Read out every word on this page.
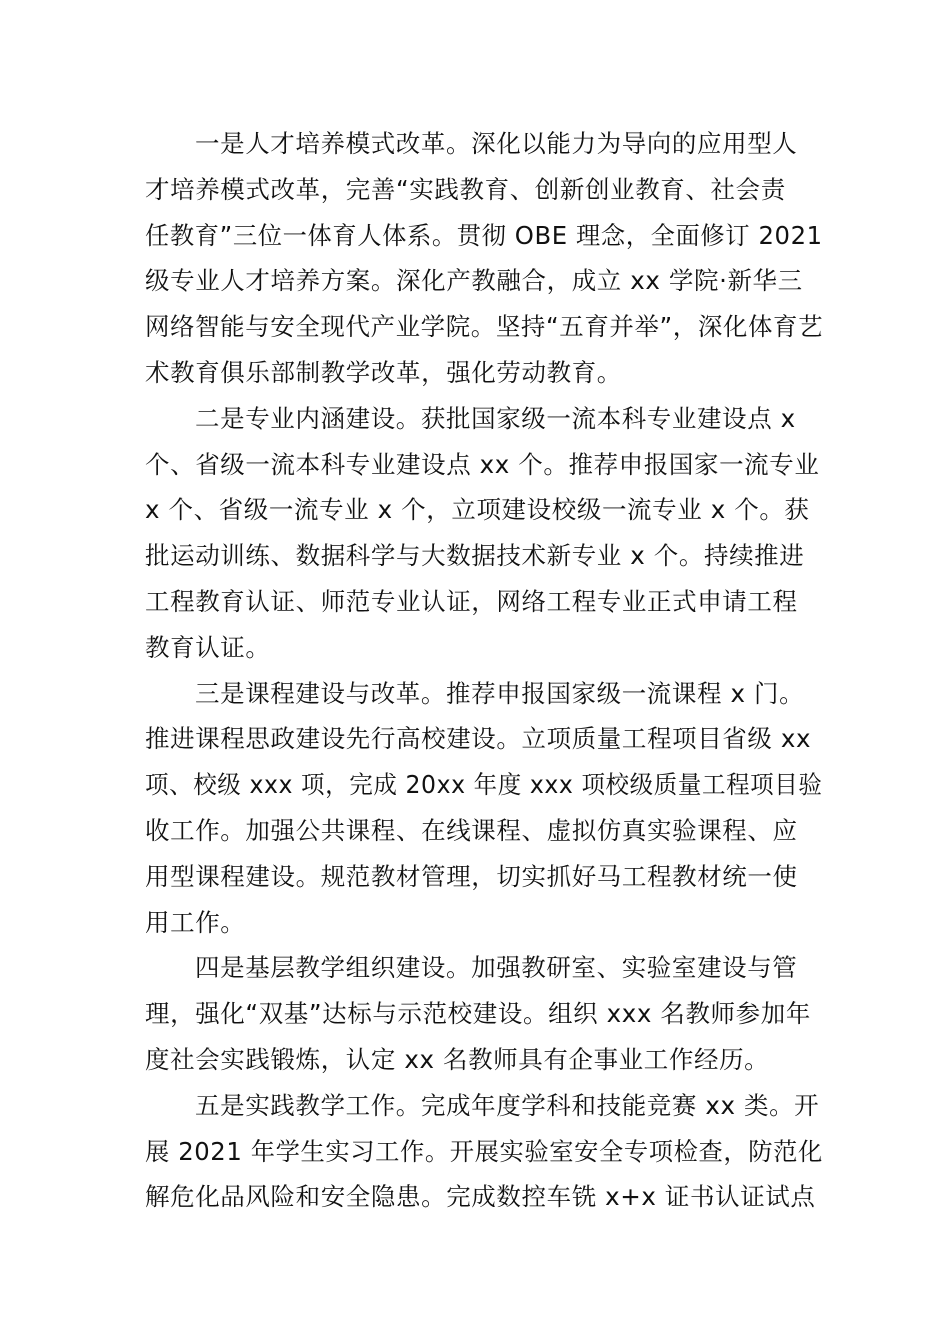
一是人才培养模式改革。深化以能力为导向的应用型人
才培养模式改革，完善“实践教育、创新创业教育、社会责
任教育”三位一体育人体系。贯彻 OBE 理念，全面修订 2021
级专业人才培养方案。深化产教融合，成立 xx 学院·新华三
网络智能与安全现代产业学院。坚持“五育并举”，深化体育艺
术教育俱乐部制教学改革，强化劳动教育。
二是专业内涵建设。获批国家级一流本科专业建设点 x
个、省级一流本科专业建设点 xx 个。推荐申报国家一流专业
x 个、省级一流专业 x 个，立项建设校级一流专业 x 个。获
批运动训练、数据科学与大数据技术新专业 x 个。持续推进
工程教育认证、师范专业认证，网络工程专业正式申请工程
教育认证。
三是课程建设与改革。推荐申报国家级一流课程 x 门。
推进课程思政建设先行高校建设。立项质量工程项目省级 xx
项、校级 xxx 项，完成 20xx 年度 xxx 项校级质量工程项目验
收工作。加强公共课程、在线课程、虚拟仿真实验课程、应
用型课程建设。规范教材管理，切实抓好马工程教材统一使
用工作。
四是基层教学组织建设。加强教研室、实验室建设与管
理，强化“双基”达标与示范校建设。组织 xxx 名教师参加年
度社会实践锻炼，认定 xx 名教师具有企事业工作经历。
五是实践教学工作。完成年度学科和技能竞赛 xx 类。开
展 2021 年学生实习工作。开展实验室安全专项检查，防范化
解危化品风险和安全隐患。完成数控车铣 x+x 证书认证试点
